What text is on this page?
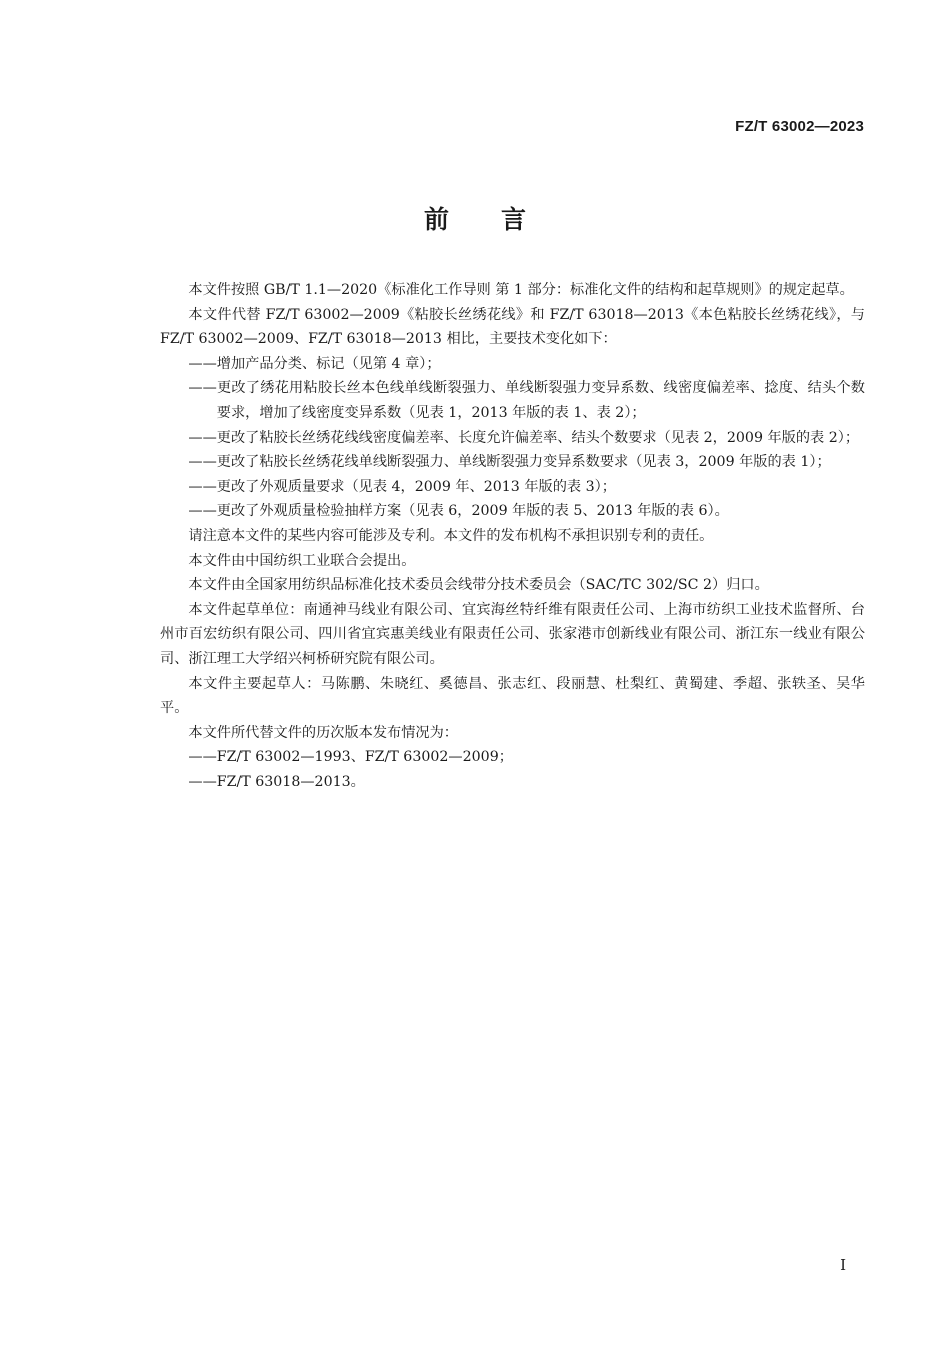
FZ/T 63002—2023
前言

本文件按照 GB/T 1.1—2020《标准化工作导则 第 1 部分：标准化文件的结构和起草规则》的规定起草。

本文件代替 FZ/T 63002—2009《粘胶长丝绣花线》和 FZ/T 63018—2013《本色粘胶长丝绣花线》，与 FZ/T 63002—2009、FZ/T 63018—2013 相比，主要技术变化如下：

——增加产品分类、标记（见第 4 章）；

——更改了绣花用粘胶长丝本色线单线断裂强力、单线断裂强力变异系数、线密度偏差率、捻度、结头个数要求，增加了线密度变异系数（见表 1，2013 年版的表 1、表 2）；

——更改了粘胶长丝绣花线线密度偏差率、长度允许偏差率、结头个数要求（见表 2，2009 年版的表 2）；

——更改了粘胶长丝绣花线单线断裂强力、单线断裂强力变异系数要求（见表 3，2009 年版的表 1）；

——更改了外观质量要求（见表 4，2009 年、2013 年版的表 3）；

——更改了外观质量检验抽样方案（见表 6，2009 年版的表 5、2013 年版的表 6）。

请注意本文件的某些内容可能涉及专利。本文件的发布机构不承担识别专利的责任。

本文件由中国纺织工业联合会提出。

本文件由全国家用纺织品标准化技术委员会线带分技术委员会（SAC/TC 302/SC 2）归口。

本文件起草单位：南通神马线业有限公司、宜宾海丝特纤维有限责任公司、上海市纺织工业技术监督所、台州市百宏纺织有限公司、四川省宜宾惠美线业有限责任公司、张家港市创新线业有限公司、浙江东一线业有限公司、浙江理工大学绍兴柯桥研究院有限公司。

本文件主要起草人：马陈鹏、朱晓红、奚德昌、张志红、段丽慧、杜梨红、黄蜀建、季超、张轶圣、吴华平。

本文件所代替文件的历次版本发布情况为：

——FZ/T 63002—1993、FZ/T 63002—2009；

——FZ/T 63018—2013。

I
